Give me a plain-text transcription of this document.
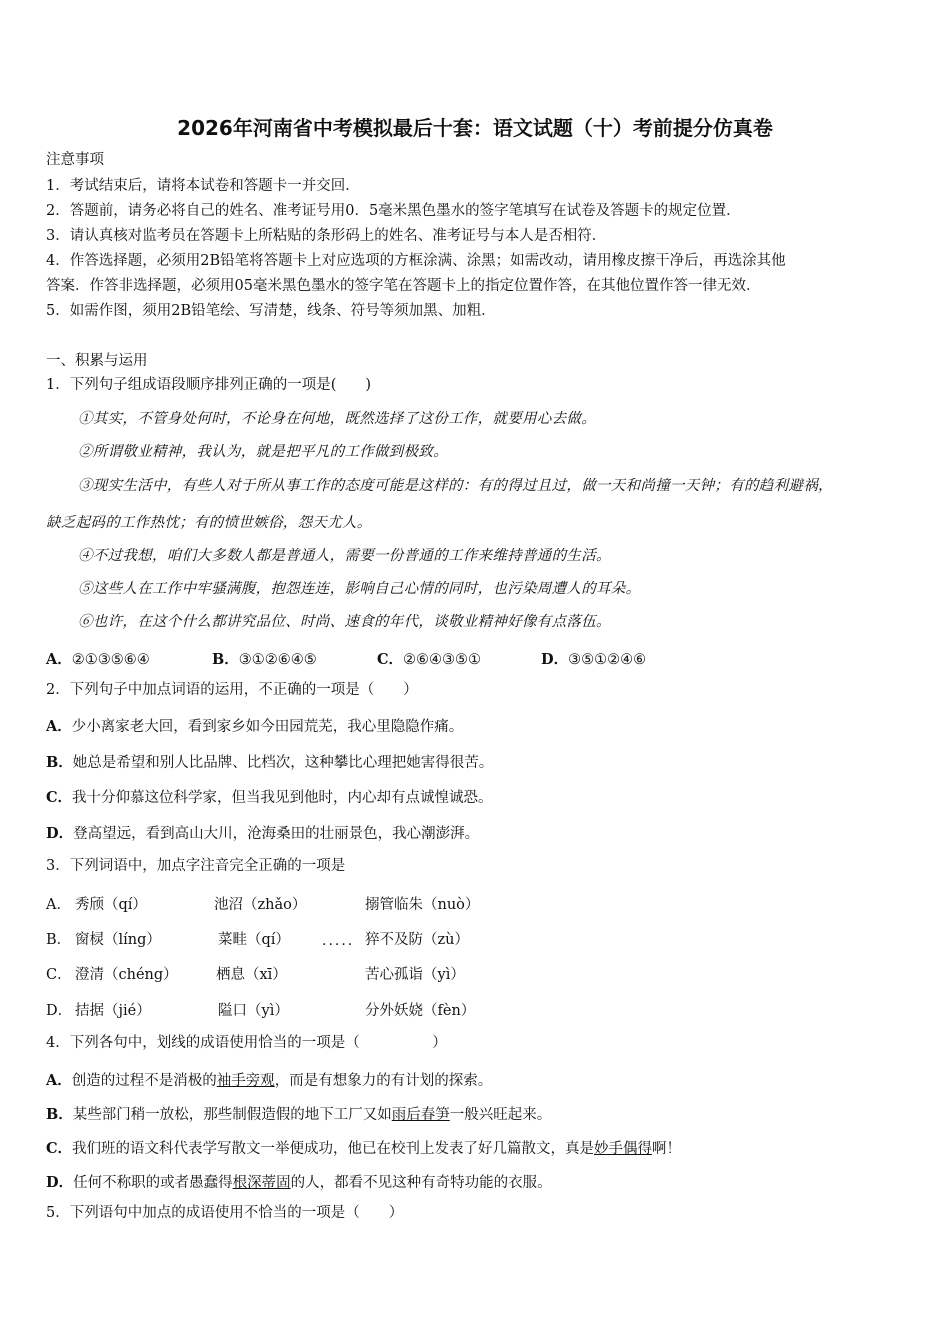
2026年河南省中考模拟最后十套：语文试题（十）考前提分仿真卷
注意事项
1．考试结束后，请将本试卷和答题卡一并交回．
2．答题前，请务必将自己的姓名、准考证号用0．5毫米黑色墨水的签字笔填写在试卷及答题卡的规定位置．
3．请认真核对监考员在答题卡上所粘贴的条形码上的姓名、准考证号与本人是否相符．
4．作答选择题，必须用2B铅笔将答题卡上对应选项的方框涂满、涂黑；如需改动，请用橡皮擦干净后，再选涂其他
答案．作答非选择题，必须用05毫米黑色墨水的签字笔在答题卡上的指定位置作答，在其他位置作答一律无效．
5．如需作图，须用2B铅笔绘、写清楚，线条、符号等须加黑、加粗．
一、积累与运用
1．下列句子组成语段顺序排列正确的一项是(　　)
①其实，不管身处何时，不论身在何地，既然选择了这份工作，就要用心去做。
②所谓敬业精神，我认为，就是把平凡的工作做到极致。
③现实生活中，有些人对于所从事工作的态度可能是这样的：有的得过且过，做一天和尚撞一天钟；有的趋利避祸，
缺乏起码的工作热忱；有的愤世嫉俗，怨天尤人。
④不过我想，咱们大多数人都是普通人，需要一份普通的工作来维持普通的生活。
⑤这些人在工作中牢骚满腹，抱怨连连，影响自己心情的同时，也污染周遭人的耳朵。
⑥也许，在这个什么都讲究品位、时尚、速食的年代，谈敬业精神好像有点落伍。
A．②①③⑤⑥④	B．③①②⑥④⑤	C．②⑥④③⑤①	D．③⑤①②④⑥
2．下列句子中加点词语的运用，不正确的一项是（　　）
A．少小离家老大回，看到家乡如今田园荒芜，我心里隐隐作痛。
B．她总是希望和别人比品牌、比档次，这种攀比心理把她害得很苦。
C．我十分仰慕这位科学家，但当我见到他时，内心却有点诚惶诚恐。
D．登高望远，看到高山大川，沧海桑田的壮丽景色，我心潮澎湃。
3．下列词语中，加点字注音完全正确的一项是
A． 秀颀（qí）	池沼（zhǎo）	搦管临朱（nuò）
B． 窗棂（líng）	菜畦（qí） ..... 猝不及防（zù）
C． 澄清（chéng）	栖息（xī）	苦心孤诣（yì）
D． 拮据（jié）	隘口（yì）	分外妖娆（fèn）
4．下列各句中，划线的成语使用恰当的一项是（　　　　　）
A．创造的过程不是消极的袖手旁观，而是有想象力的有计划的探索。
B．某些部门稍一放松，那些制假造假的地下工厂又如雨后春笋一般兴旺起来。
C．我们班的语文科代表学写散文一举便成功，他已在校刊上发表了好几篇散文，真是妙手偶得啊！
D．任何不称职的或者愚蠢得根深蒂固的人，都看不见这种有奇特功能的衣服。
5．下列语句中加点的成语使用不恰当的一项是（　　）
